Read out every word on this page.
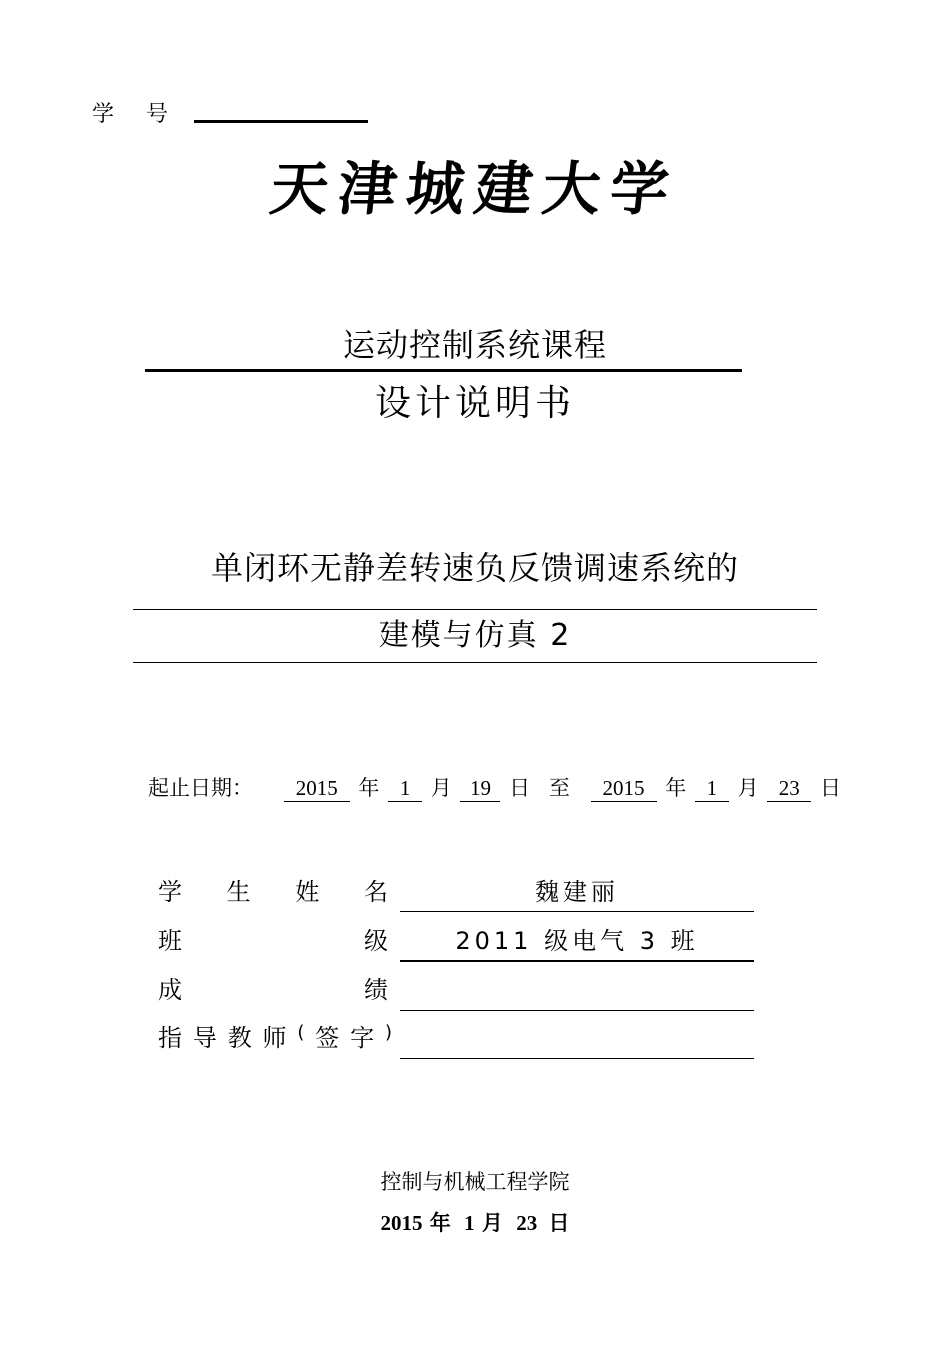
学号
天津城建大学
运动控制系统课程
设计说明书
单闭环无静差转速负反馈调速系统的
建模与仿真 2
起止日期： 2015 年 1 月 19 日 至 2015 年 1 月 23 日
学 生 姓 名	魏建丽
班	级	2011 级电气 3 班
成	绩
指 导 教 师 ( 签 字 )
控制与机械工程学院
2015 年 1 月 23 日
